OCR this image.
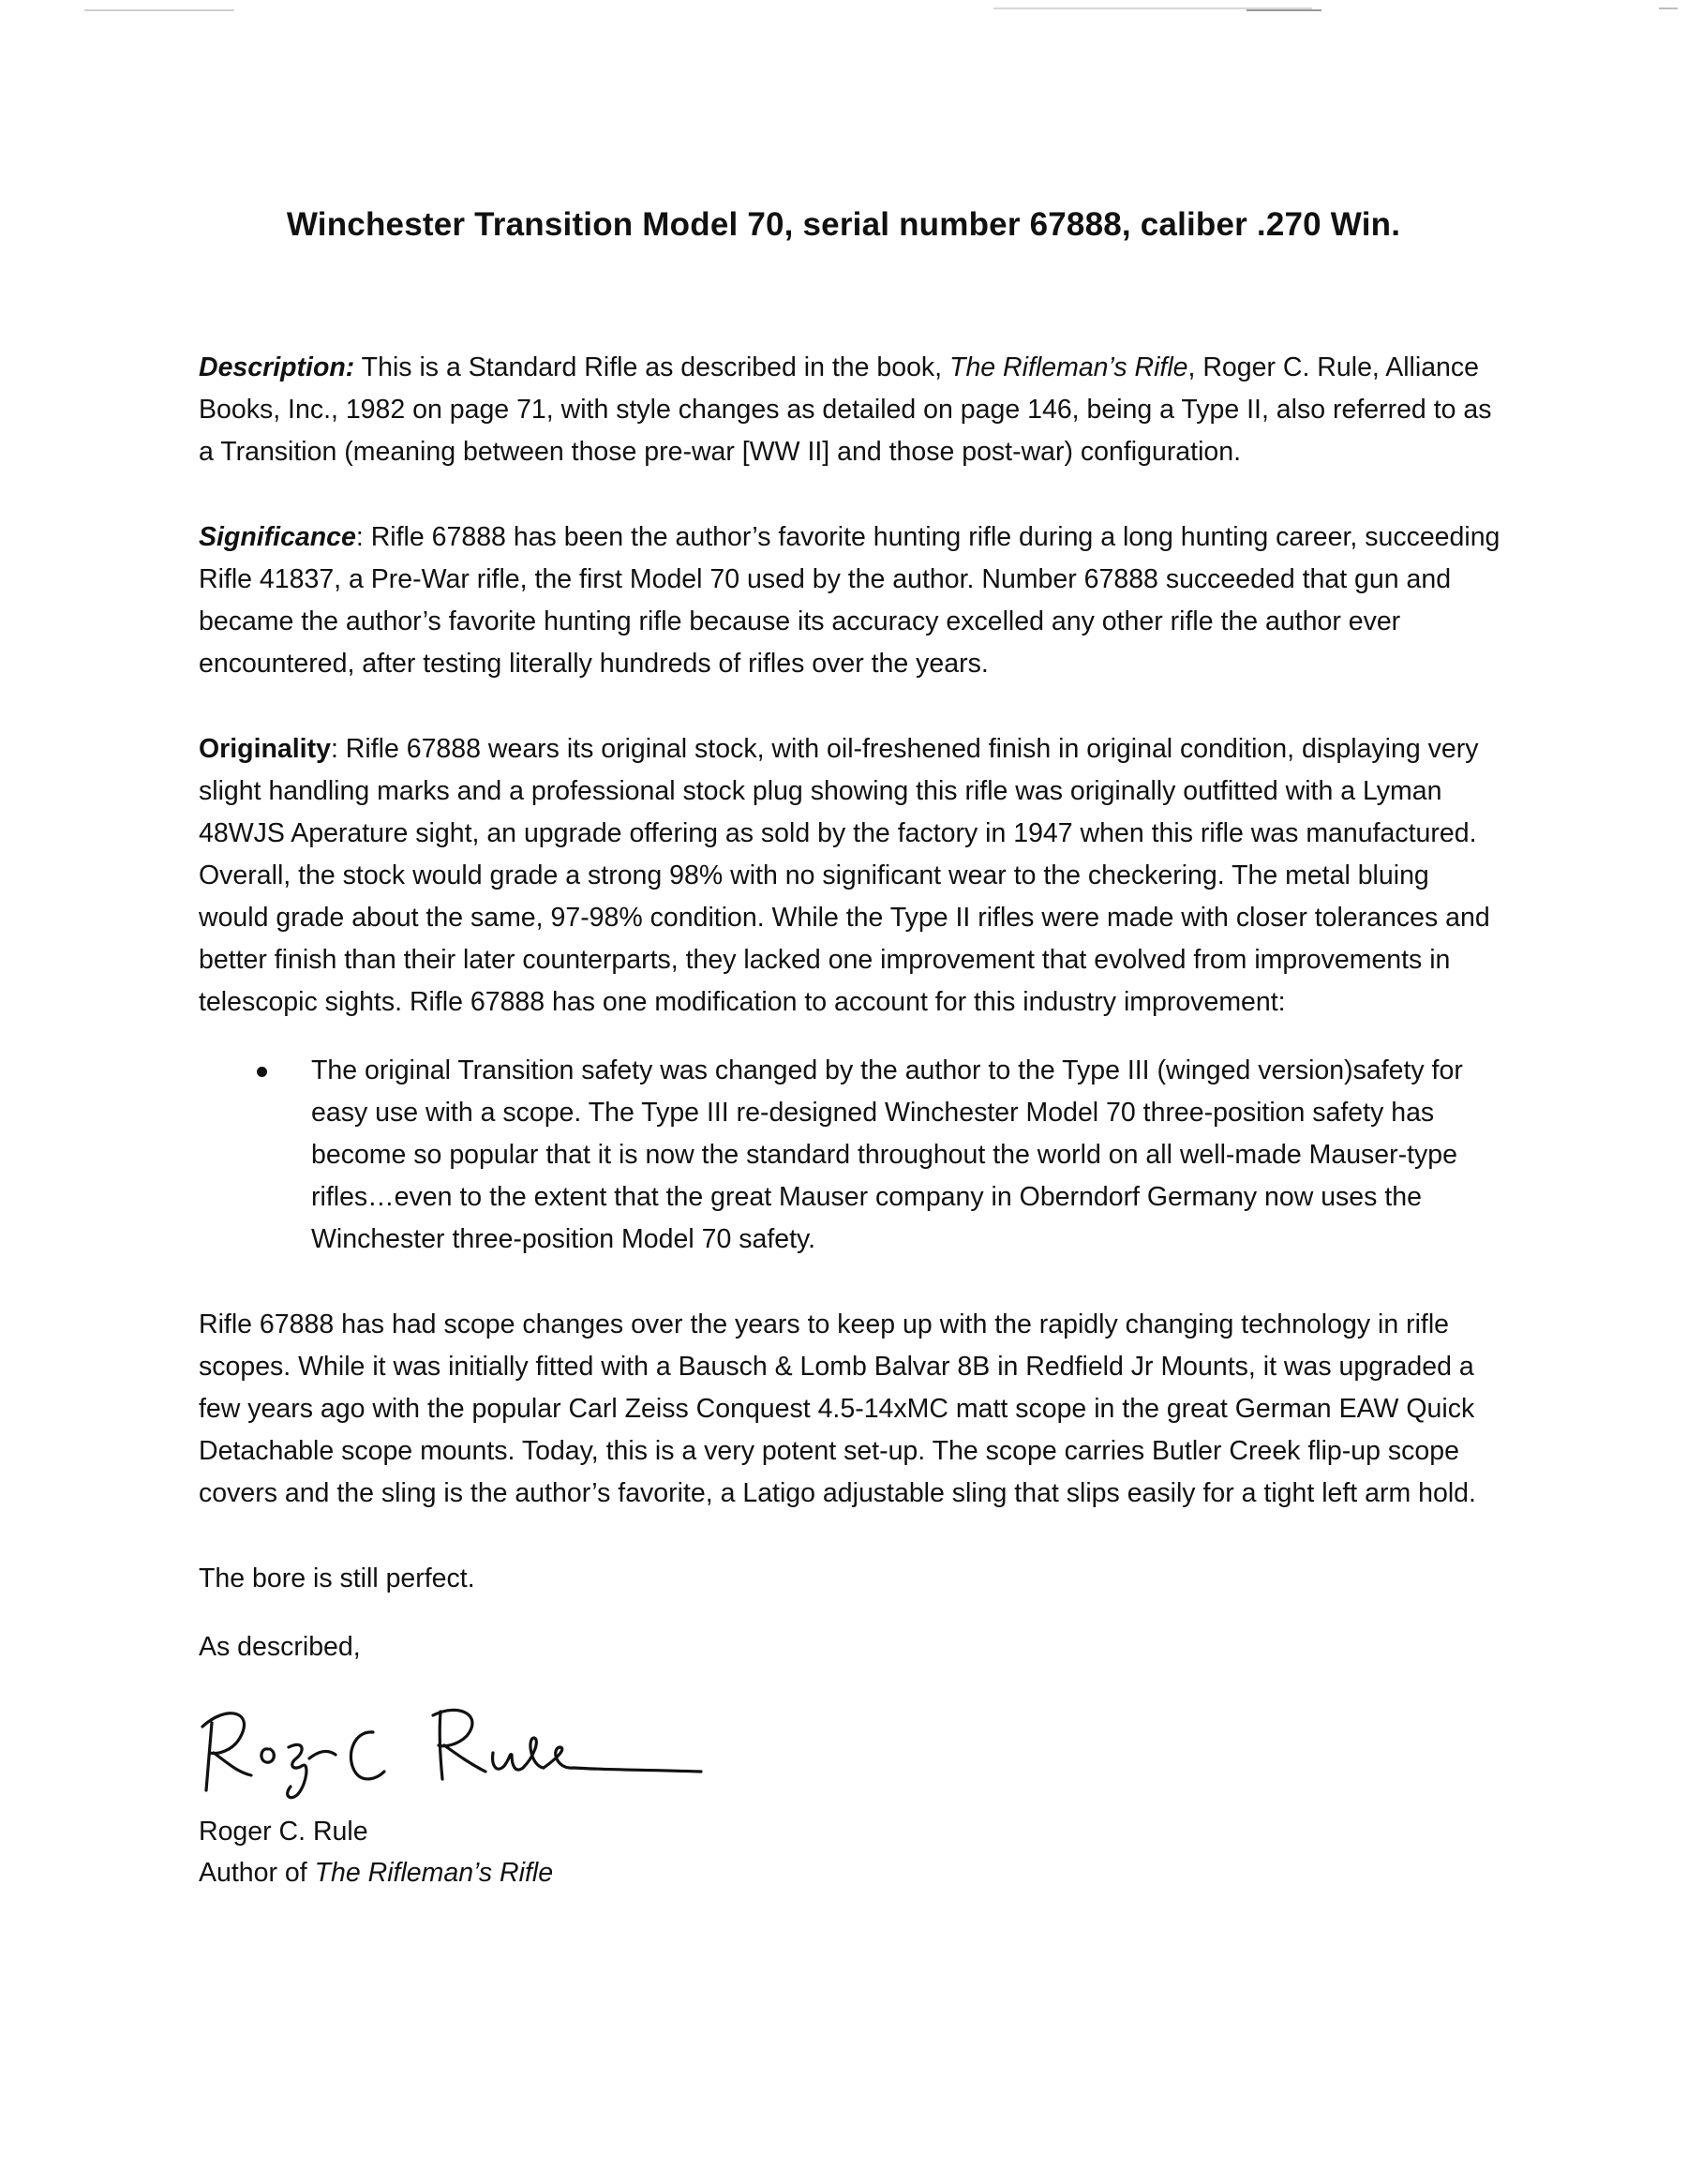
Winchester Transition Model 70, serial number 67888, caliber .270 Win.

Description: This is a Standard Rifle as described in the book, The Rifleman’s Rifle, Roger C. Rule, Alliance Books, Inc., 1982 on page 71, with style changes as detailed on page 146, being a Type II, also referred to as a Transition (meaning between those pre-war [WW II] and those post-war) configuration.

Significance: Rifle 67888 has been the author’s favorite hunting rifle during a long hunting career, succeeding Rifle 41837, a Pre-War rifle, the first Model 70 used by the author. Number 67888 succeeded that gun and became the author’s favorite hunting rifle because its accuracy excelled any other rifle the author ever encountered, after testing literally hundreds of rifles over the years.

Originality: Rifle 67888 wears its original stock, with oil-freshened finish in original condition, displaying very slight handling marks and a professional stock plug showing this rifle was originally outfitted with a Lyman 48WJS Aperature sight, an upgrade offering as sold by the factory in 1947 when this rifle was manufactured. Overall, the stock would grade a strong 98% with no significant wear to the checkering. The metal bluing would grade about the same, 97-98% condition. While the Type II rifles were made with closer tolerances and better finish than their later counterparts, they lacked one improvement that evolved from improvements in telescopic sights. Rifle 67888 has one modification to account for this industry improvement:

The original Transition safety was changed by the author to the Type III (winged version)safety for easy use with a scope. The Type III re-designed Winchester Model 70 three-position safety has become so popular that it is now the standard throughout the world on all well-made Mauser-type rifles…even to the extent that the great Mauser company in Oberndorf Germany now uses the Winchester three-position Model 70 safety.

Rifle 67888 has had scope changes over the years to keep up with the rapidly changing technology in rifle scopes. While it was initially fitted with a Bausch & Lomb Balvar 8B in Redfield Jr Mounts, it was upgraded a few years ago with the popular Carl Zeiss Conquest 4.5-14xMC matt scope in the great German EAW Quick Detachable scope mounts. Today, this is a very potent set-up. The scope carries Butler Creek flip-up scope covers and the sling is the author’s favorite, a Latigo adjustable sling that slips easily for a tight left arm hold.

The bore is still perfect.

As described,

Roger C. Rule
Author of The Rifleman’s Rifle
